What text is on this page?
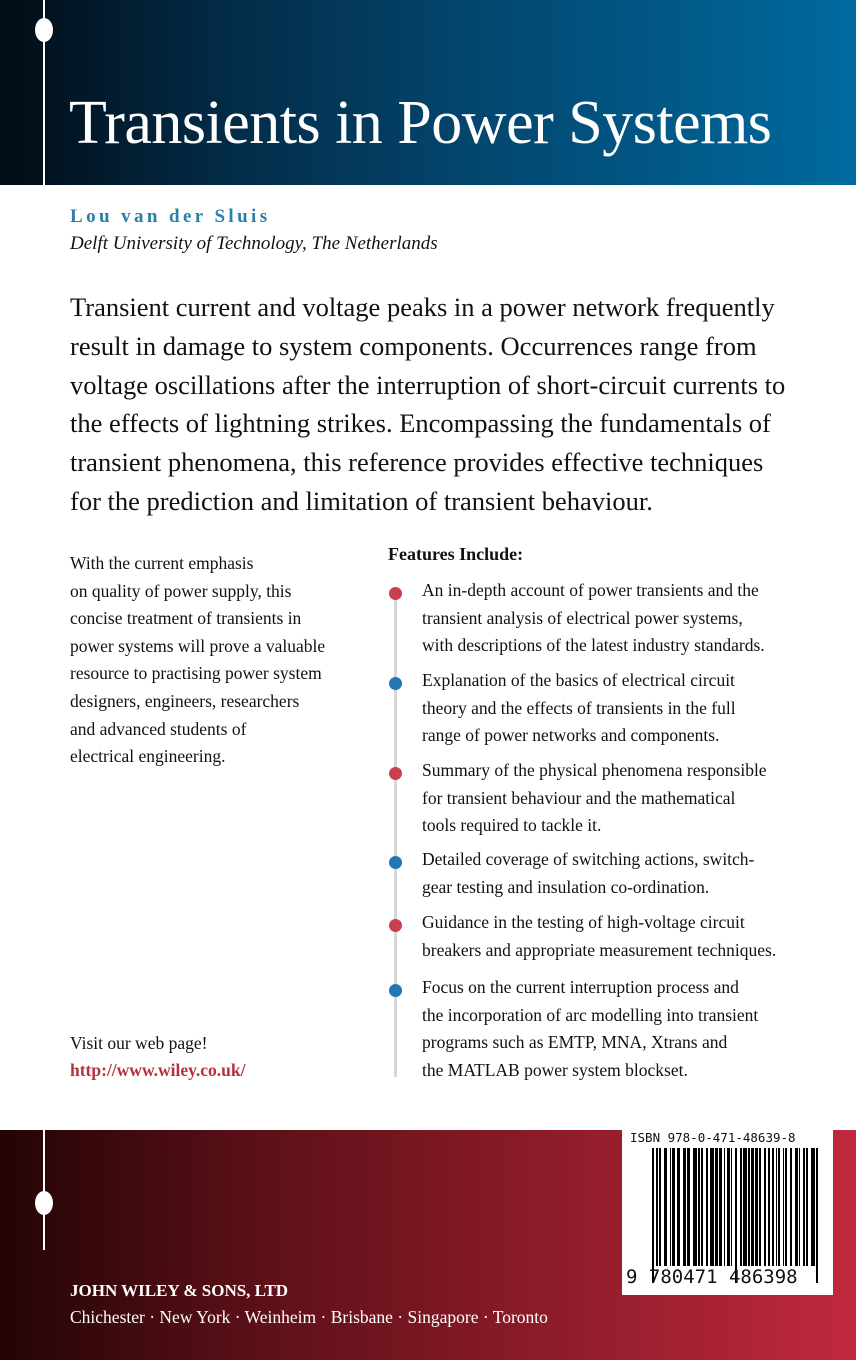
Transients in Power Systems
Lou van der Sluis
Delft University of Technology, The Netherlands
Transient current and voltage peaks in a power network frequently
result in damage to system components. Occurrences range from
voltage oscillations after the interruption of short-circuit currents to
the effects of lightning strikes. Encompassing the fundamentals of
transient phenomena, this reference provides effective techniques
for the prediction and limitation of transient behaviour.
With the current emphasis
on quality of power supply, this
concise treatment of transients in
power systems will prove a valuable
resource to practising power system
designers, engineers, researchers
and advanced students of
electrical engineering.
Features Include:
An in-depth account of power transients and the
transient analysis of electrical power systems,
with descriptions of the latest industry standards.
Explanation of the basics of electrical circuit
theory and the effects of transients in the full
range of power networks and components.
Summary of the physical phenomena responsible
for transient behaviour and the mathematical
tools required to tackle it.
Detailed coverage of switching actions, switch-
gear testing and insulation co-ordination.
Guidance in the testing of high-voltage circuit
breakers and appropriate measurement techniques.
Focus on the current interruption process and
the incorporation of arc modelling into transient
programs such as EMTP, MNA, Xtrans and
the MATLAB power system blockset.
Visit our web page!
http://www.wiley.co.uk/
JOHN WILEY & SONS, LTD
Chichester · New York · Weinheim · Brisbane · Singapore · Toronto
ISBN 978-0-471-48639-8
9 780471 486398
